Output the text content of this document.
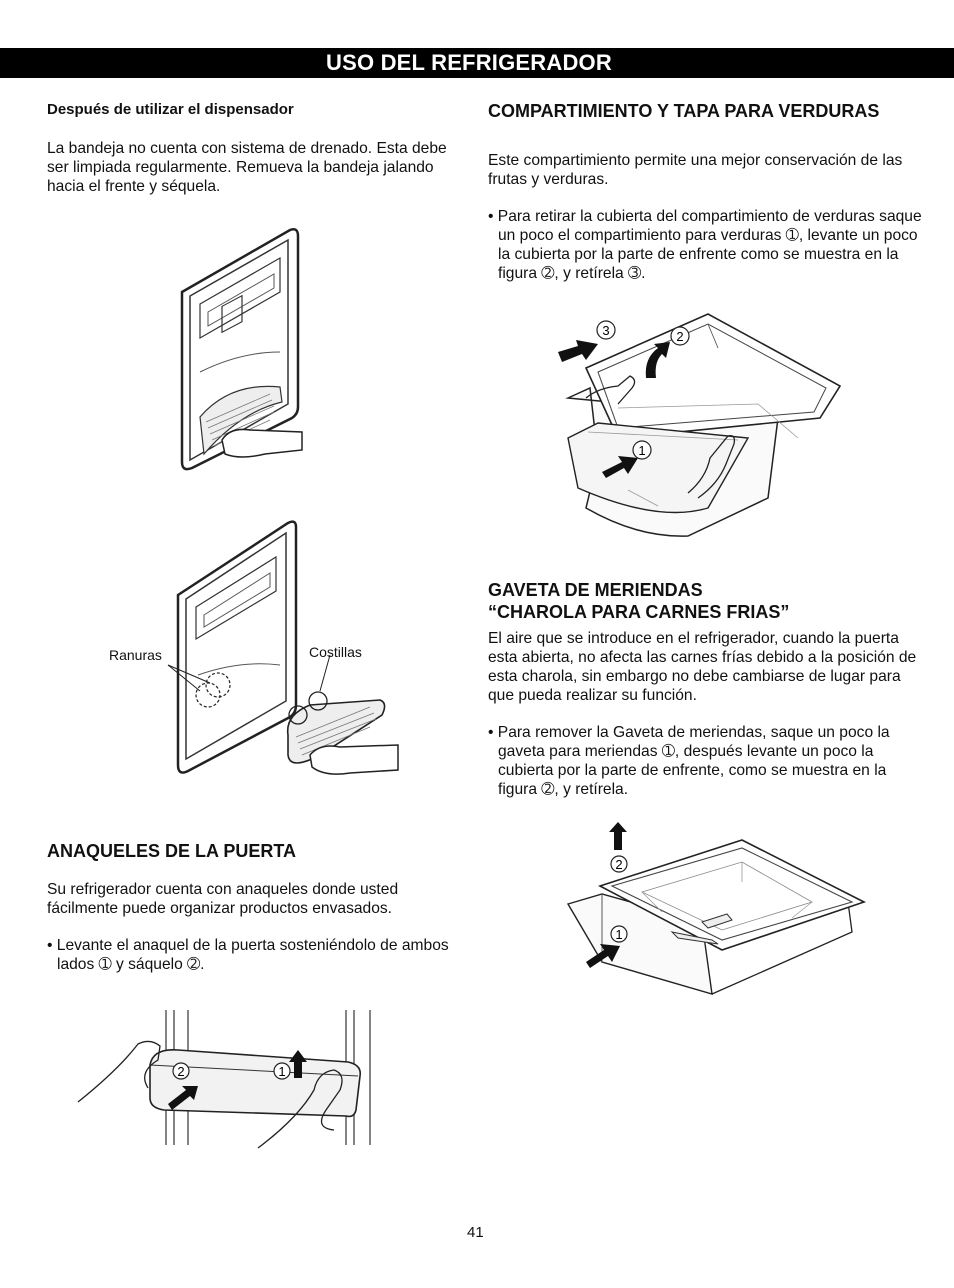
USO DEL REFRIGERADOR

Después de utilizar el dispensador

La bandeja no cuenta con sistema de drenado. Esta debe ser limpiada regularmente. Remueva la bandeja jalando hacia el frente y séquela.

Ranuras	Costillas

ANAQUELES DE LA PUERTA

Su refrigerador cuenta con anaqueles donde usted fácilmente puede organizar productos envasados.

• Levante el anaquel de la puerta sosteniéndolo de ambos lados ➀ y sáquelo ➁.

2	1

COMPARTIMIENTO Y TAPA PARA VERDURAS

Este compartimiento permite una mejor conservación de las frutas y verduras.

• Para retirar la cubierta del compartimiento de verduras saque un poco el compartimiento para verduras ➀, levante un poco la cubierta por la parte de enfrente como se muestra en la figura ➁, y retírela ➂.

3	2
1

GAVETA DE MERIENDAS

“CHAROLA PARA CARNES FRIAS”

El aire que se introduce en el refrigerador, cuando la puerta esta abierta, no afecta las carnes frías debido a la posición de esta charola, sin embargo no debe cambiarse de lugar para que pueda realizar su función.

• Para remover la Gaveta de meriendas, saque un poco la gaveta para meriendas ➀, después levante un poco la cubierta por la parte de enfrente, como se muestra en la figura ➁, y retírela.

2
1
41
